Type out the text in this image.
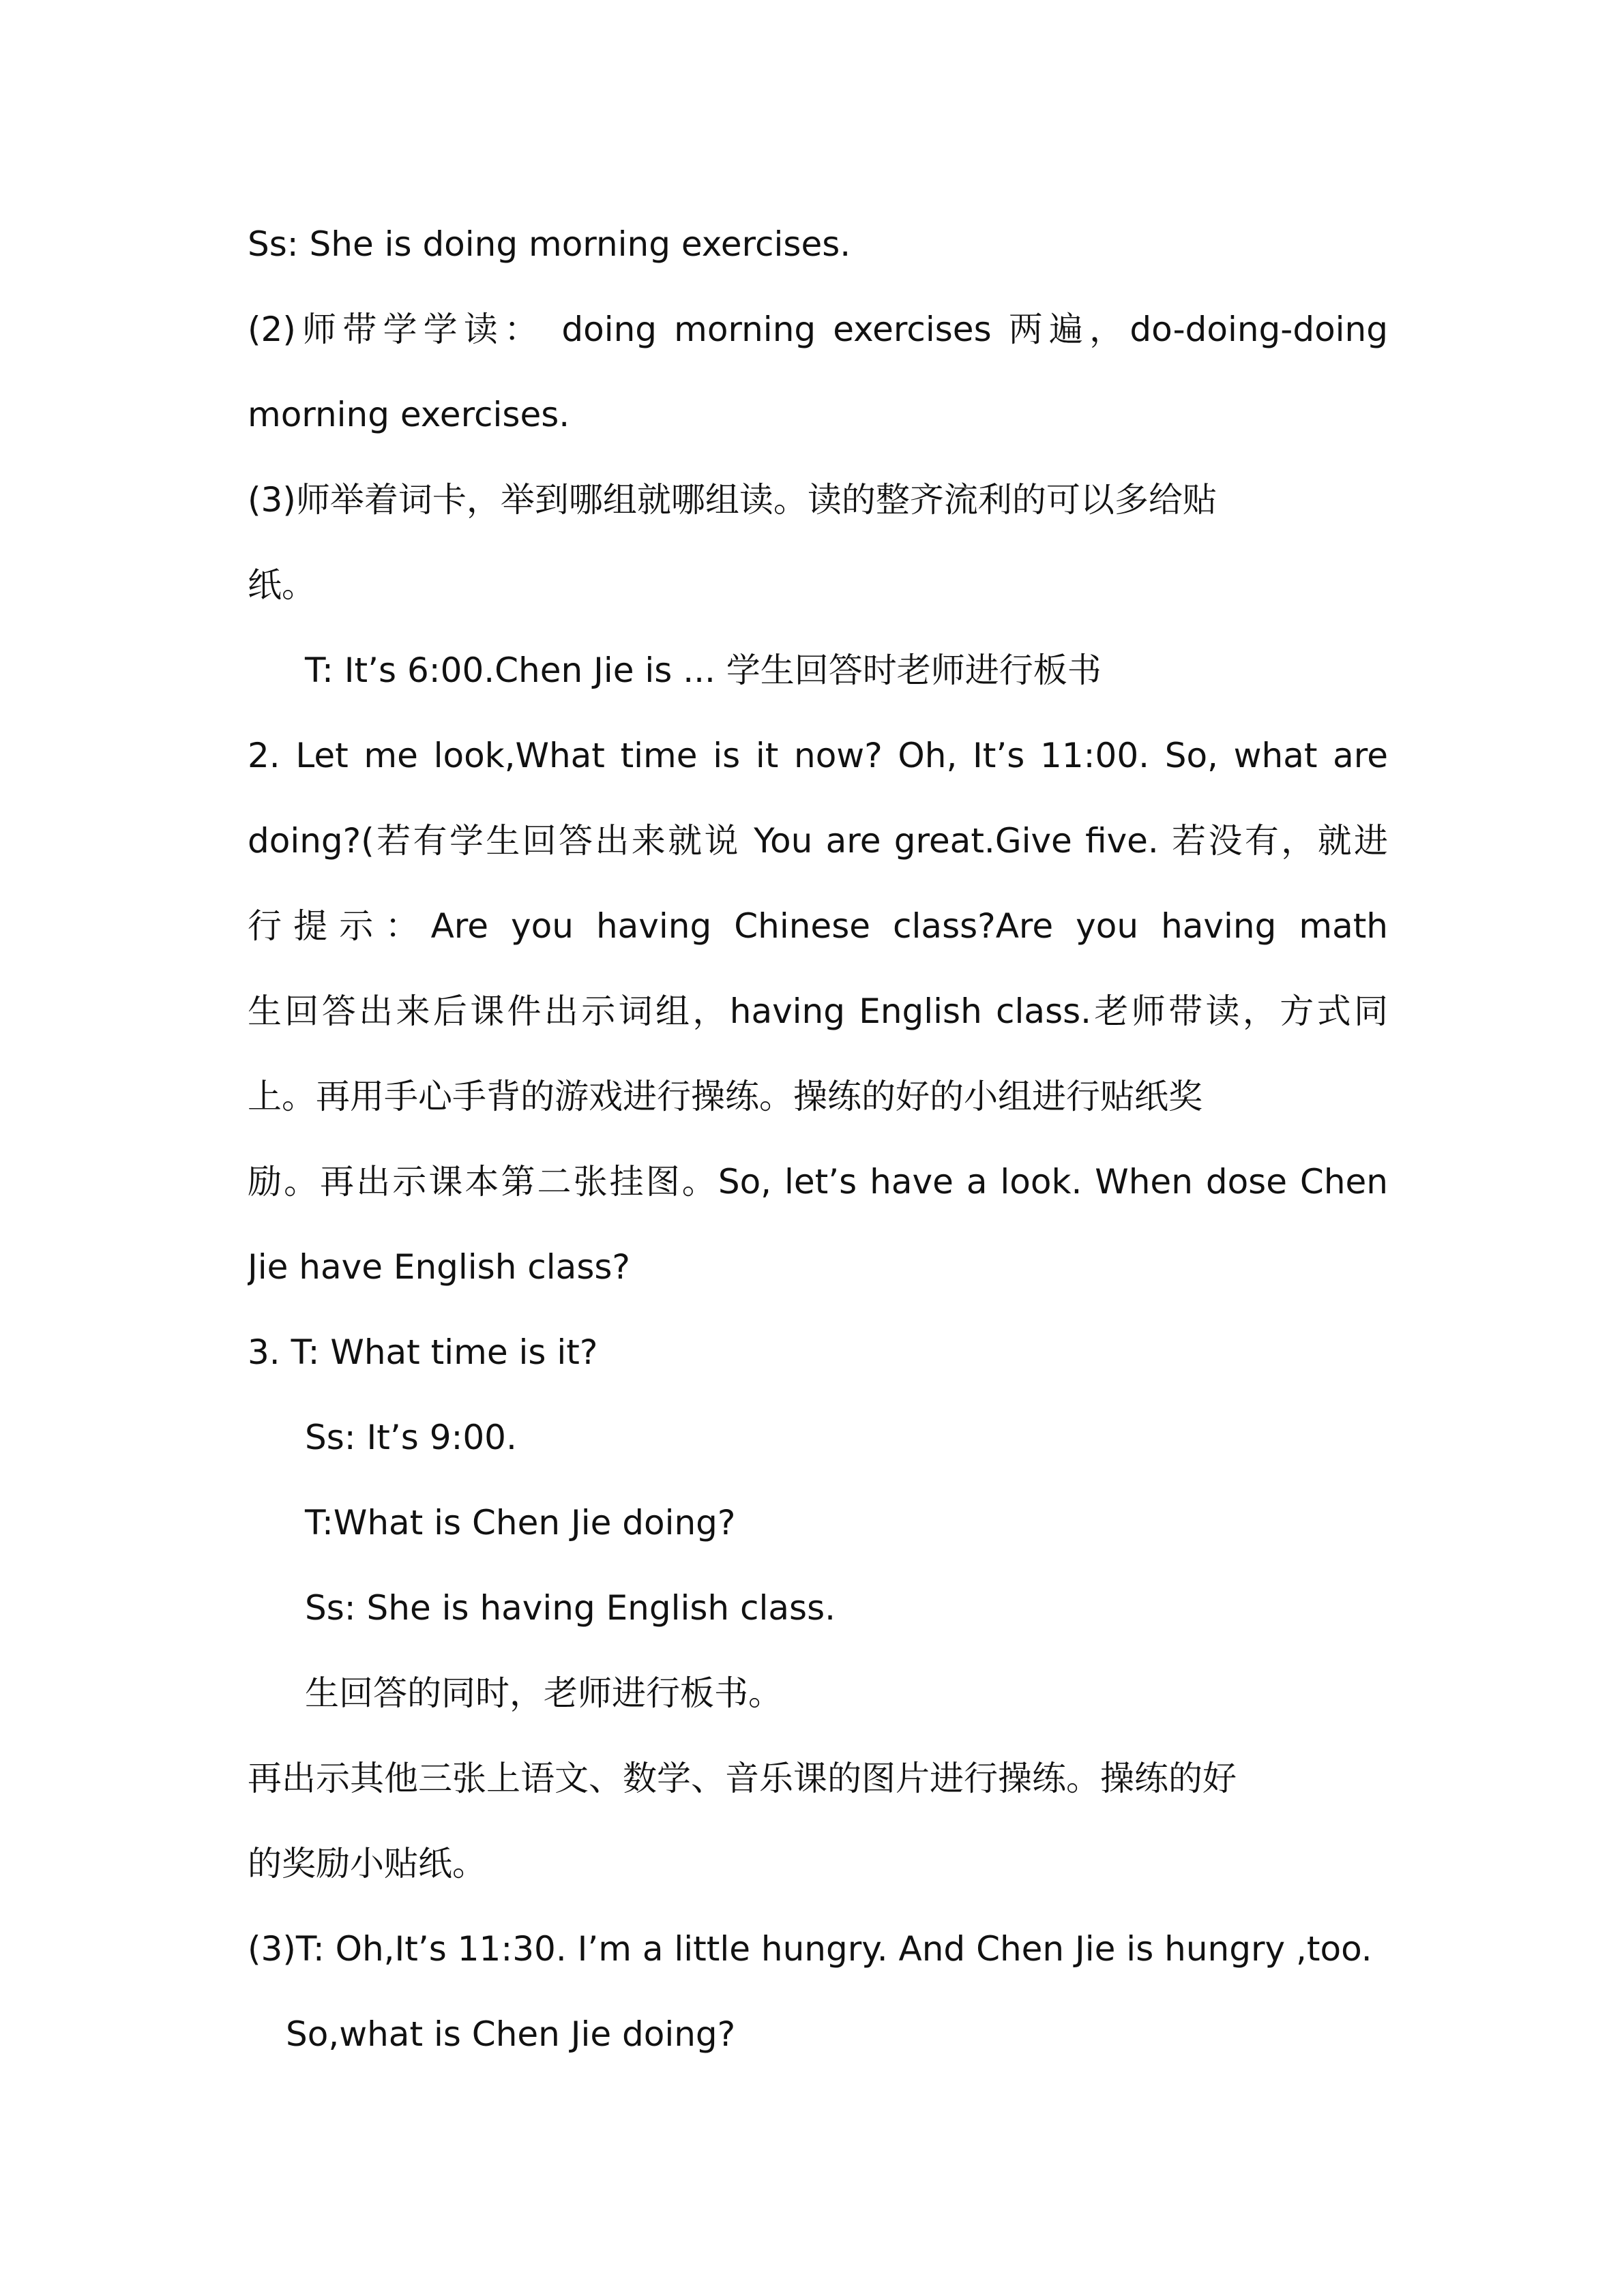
Ss: She is doing morning exercises.
(2)师带学学读： doing morning exercises 两遍，do-doing-doing
morning exercises.
(3)师举着词卡，举到哪组就哪组读。读的整齐流利的可以多给贴
纸。
T: It’s 6:00.Chen Jie is ... 学生回答时老师进行板书
2. Let me look,What time is it now? Oh, It’s 11:00. So, what are
doing?(若有学生回答出来就说 You are great.Give five. 若没有，就进
行提示：Are you having Chinese class?Are you having math
生回答出来后课件出示词组，having English class.老师带读，方式同
上。再用手心手背的游戏进行操练。操练的好的小组进行贴纸奖
励。再出示课本第二张挂图。So, let’s have a look. When dose Chen
Jie have English class?
3. T: What time is it?
Ss: It’s 9:00.
T:What is Chen Jie doing?
Ss: She is having English class.
生回答的同时，老师进行板书。
再出示其他三张上语文、数学、音乐课的图片进行操练。操练的好
的奖励小贴纸。
(3)T: Oh,It’s 11:30. I’m a little hungry. And Chen Jie is hungry ,too.
So,what is Chen Jie doing?
